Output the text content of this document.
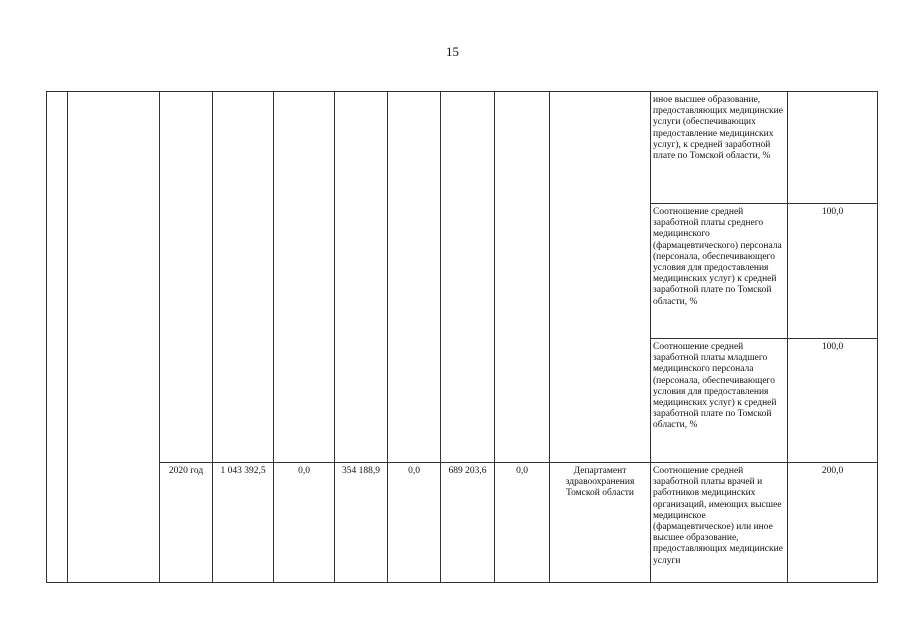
15
										иное высшее образование, предоставляющих медицинские услуги (обеспечивающих предоставление медицинских услуг), к средней заработной плате по Томской области, %	
										Соотношение средней заработной платы среднего медицинского (фармацевтического) персонала (персонала, обеспечивающего условия для предоставления медицинских услуг) к средней заработной плате по Томской области, %	100,0
										Соотношение средней заработной платы младшего медицинского персонала (персонала, обеспечивающего условия для предоставления медицинских услуг) к средней заработной плате по Томской области, %	100,0
		2020 год	1 043 392,5	0,0	354 188,9	0,0	689 203,6	0,0	Департамент здравоохранения Томской области	Соотношение средней заработной платы врачей и работников медицинских организаций, имеющих высшее медицинское (фармацевтическое) или иное высшее образование, предоставляющих медицинские услуги	200,0
